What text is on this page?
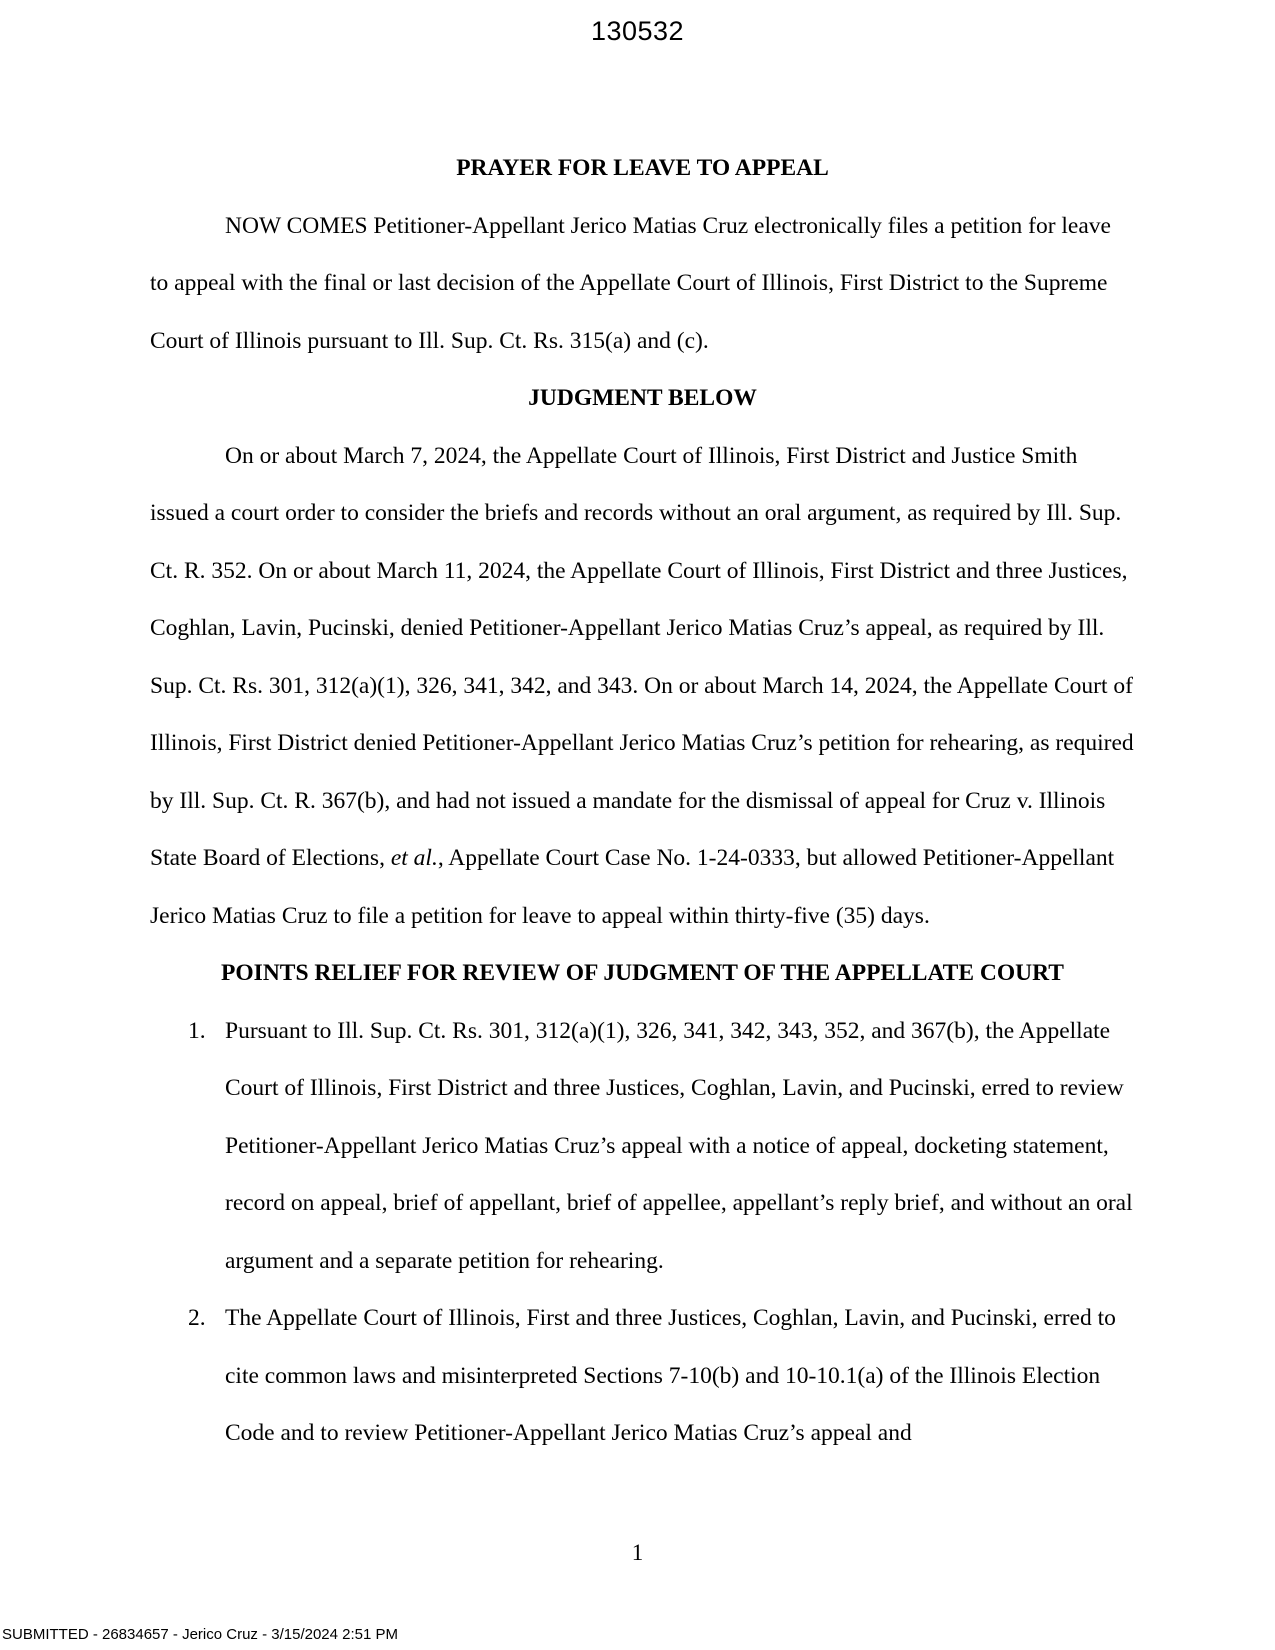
130532
PRAYER FOR LEAVE TO APPEAL

NOW COMES Petitioner-Appellant Jerico Matias Cruz electronically files a petition for leave to appeal with the final or last decision of the Appellate Court of Illinois, First District to the Supreme Court of Illinois pursuant to Ill. Sup. Ct. Rs. 315(a) and (c).

JUDGMENT BELOW

On or about March 7, 2024, the Appellate Court of Illinois, First District and Justice Smith issued a court order to consider the briefs and records without an oral argument, as required by Ill. Sup. Ct. R. 352. On or about March 11, 2024, the Appellate Court of Illinois, First District and three Justices, Coghlan, Lavin, Pucinski, denied Petitioner-Appellant Jerico Matias Cruz’s appeal, as required by Ill. Sup. Ct. Rs. 301, 312(a)(1), 326, 341, 342, and 343. On or about March 14, 2024, the Appellate Court of Illinois, First District denied Petitioner-Appellant Jerico Matias Cruz’s petition for rehearing, as required by Ill. Sup. Ct. R. 367(b), and had not issued a mandate for the dismissal of appeal for Cruz v. Illinois State Board of Elections, et al., Appellate Court Case No. 1-24-0333, but allowed Petitioner-Appellant Jerico Matias Cruz to file a petition for leave to appeal within thirty-five (35) days.

POINTS RELIEF FOR REVIEW OF JUDGMENT OF THE APPELLATE COURT
1. Pursuant to Ill. Sup. Ct. Rs. 301, 312(a)(1), 326, 341, 342, 343, 352, and 367(b), the Appellate Court of Illinois, First District and three Justices, Coghlan, Lavin, and Pucinski, erred to review Petitioner-Appellant Jerico Matias Cruz’s appeal with a notice of appeal, docketing statement, record on appeal, brief of appellant, brief of appellee, appellant’s reply brief, and without an oral argument and a separate petition for rehearing.
2. The Appellate Court of Illinois, First and three Justices, Coghlan, Lavin, and Pucinski, erred to cite common laws and misinterpreted Sections 7-10(b) and 10-10.1(a) of the Illinois Election Code and to review Petitioner-Appellant Jerico Matias Cruz’s appeal and
1
SUBMITTED - 26834657 - Jerico Cruz - 3/15/2024 2:51 PM
